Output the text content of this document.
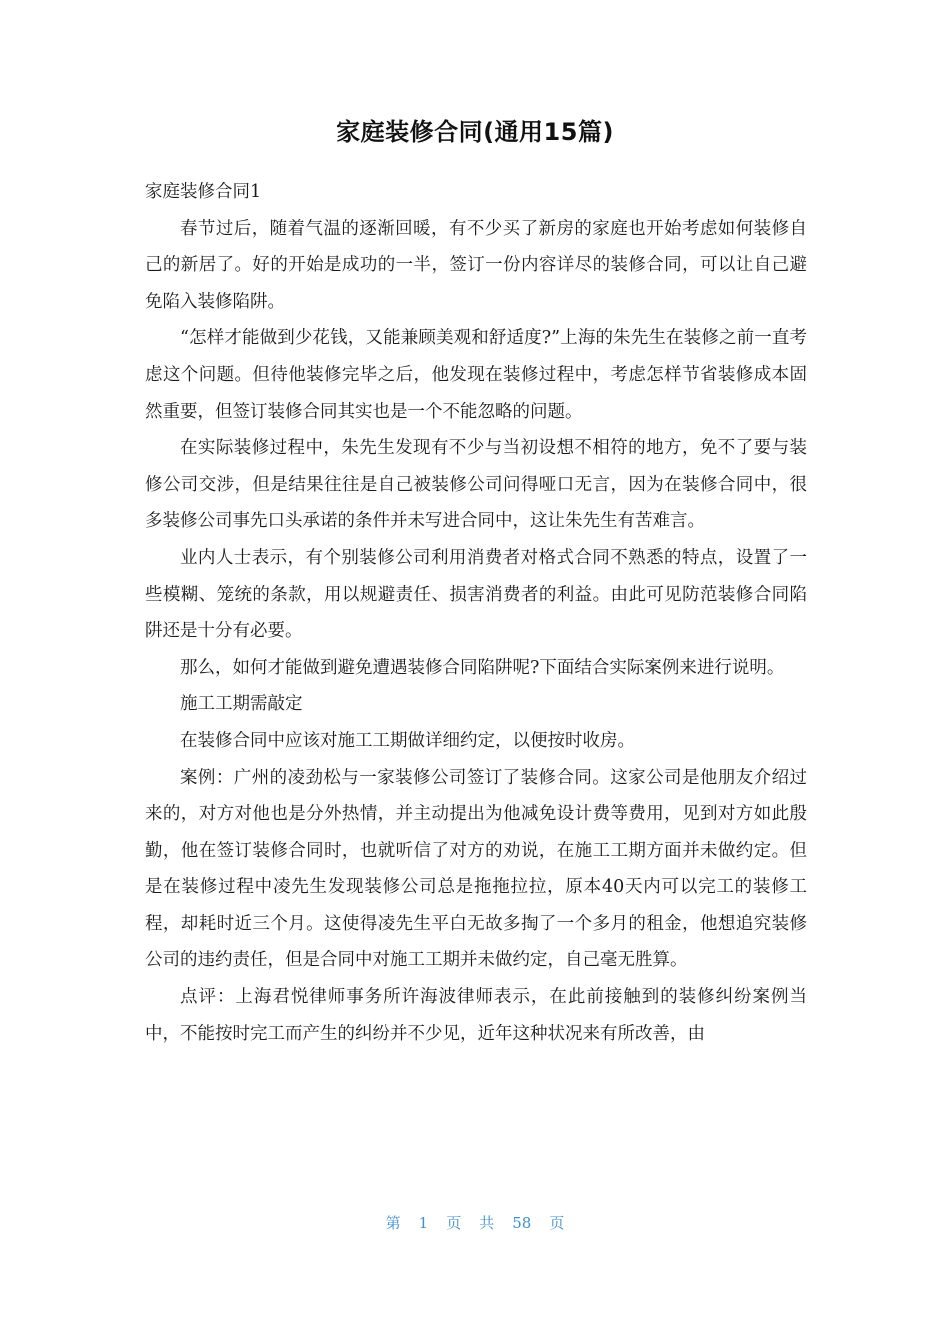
家庭装修合同(通用15篇)

家庭装修合同1

春节过后，随着气温的逐渐回暖，有不少买了新房的家庭也开始考虑如何装修自己的新居了。好的开始是成功的一半，签订一份内容详尽的装修合同，可以让自己避免陷入装修陷阱。

“怎样才能做到少花钱，又能兼顾美观和舒适度?”上海的朱先生在装修之前一直考虑这个问题。但待他装修完毕之后，他发现在装修过程中，考虑怎样节省装修成本固然重要，但签订装修合同其实也是一个不能忽略的问题。

在实际装修过程中，朱先生发现有不少与当初设想不相符的地方，免不了要与装修公司交涉，但是结果往往是自己被装修公司问得哑口无言，因为在装修合同中，很多装修公司事先口头承诺的条件并未写进合同中，这让朱先生有苦难言。

业内人士表示，有个别装修公司利用消费者对格式合同不熟悉的特点，设置了一些模糊、笼统的条款，用以规避责任、损害消费者的利益。由此可见防范装修合同陷阱还是十分有必要。

那么，如何才能做到避免遭遇装修合同陷阱呢?下面结合实际案例来进行说明。

施工工期需敲定

在装修合同中应该对施工工期做详细约定，以便按时收房。

案例：广州的凌劲松与一家装修公司签订了装修合同。这家公司是他朋友介绍过来的，对方对他也是分外热情，并主动提出为他减免设计费等费用，见到对方如此殷勤，他在签订装修合同时，也就听信了对方的劝说，在施工工期方面并未做约定。但是在装修过程中凌先生发现装修公司总是拖拖拉拉，原本40天内可以完工的装修工程，却耗时近三个月。这使得凌先生平白无故多掏了一个多月的租金，他想追究装修公司的违约责任，但是合同中对施工工期并未做约定，自己毫无胜算。

点评：上海君悦律师事务所许海波律师表示，在此前接触到的装修纠纷案例当中，不能按时完工而产生的纠纷并不少见，近年这种状况来有所改善，由

第 1 页 共 58 页
